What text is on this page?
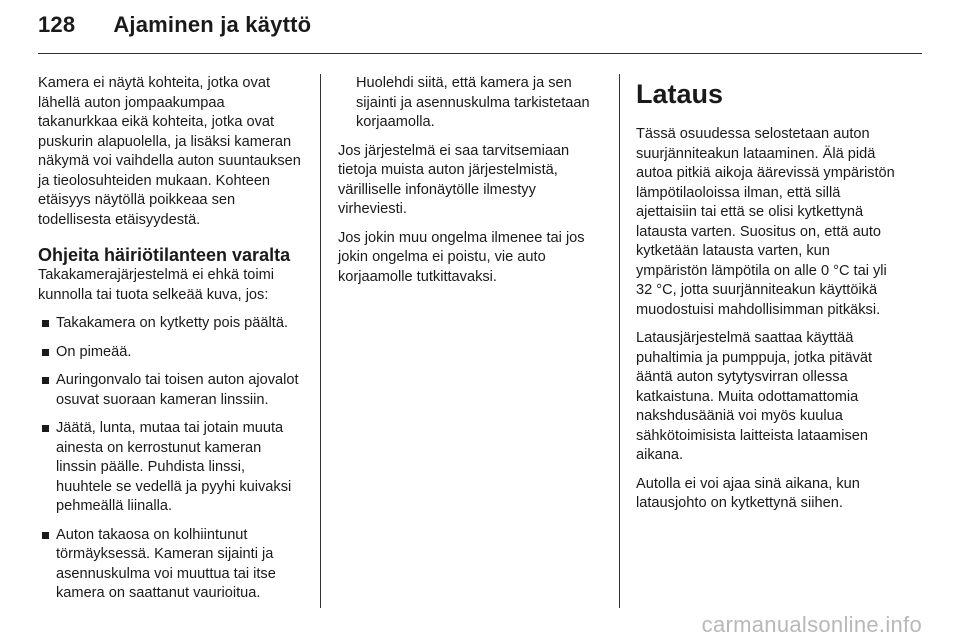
128 Ajaminen ja käyttö

Kamera ei näytä kohteita, jotka ovat lähellä auton jompaakumpaa takanurkkaa eikä kohteita, jotka ovat puskurin alapuolella, ja lisäksi kameran näkymä voi vaihdella auton suuntauksen ja tieolosuhteiden mukaan. Kohteen etäisyys näytöllä poikkeaa sen todellisesta etäisyydestä.

Ohjeita häiriötilanteen varalta

Takakamerajärjestelmä ei ehkä toimi kunnolla tai tuota selkeää kuva, jos:

Takakamera on kytketty pois päältä.
On pimeää.
Auringonvalo tai toisen auton ajovalot osuvat suoraan kameran linssiin.
Jäätä, lunta, mutaa tai jotain muuta ainesta on kerrostunut kameran linssin päälle. Puhdista linssi, huuhtele se vedellä ja pyyhi kuivaksi pehmeällä liinalla.
Auton takaosa on kolhiintunut törmäyksessä. Kameran sijainti ja asennuskulma voi muuttua tai itse kamera on saattanut vaurioitua.

Huolehdi siitä, että kamera ja sen sijainti ja asennuskulma tarkistetaan korjaamolla.

Jos järjestelmä ei saa tarvitsemiaan tietoja muista auton järjestelmistä, värilliselle infonäytölle ilmestyy virheviesti.

Jos jokin muu ongelma ilmenee tai jos jokin ongelma ei poistu, vie auto korjaamolle tutkittavaksi.

Lataus

Tässä osuudessa selostetaan auton suurjänniteakun lataaminen. Älä pidä autoa pitkiä aikoja äärevissä ympäristön lämpötilaoloissa ilman, että sillä ajettaisiin tai että se olisi kytkettynä latausta varten. Suositus on, että auto kytketään latausta varten, kun ympäristön lämpötila on alle 0 °C tai yli 32 °C, jotta suurjänniteakun käyttöikä muodostuisi mahdollisimman pitkäksi.

Latausjärjestelmä saattaa käyttää puhaltimia ja pumppuja, jotka pitävät ääntä auton sytytysvirran ollessa katkaistuna. Muita odottamattomia nakshdusääniä voi myös kuulua sähkötoimisista laitteista lataamisen aikana.

Autolla ei voi ajaa sinä aikana, kun latausjohto on kytkettynä siihen.

carmanualsonline.info
